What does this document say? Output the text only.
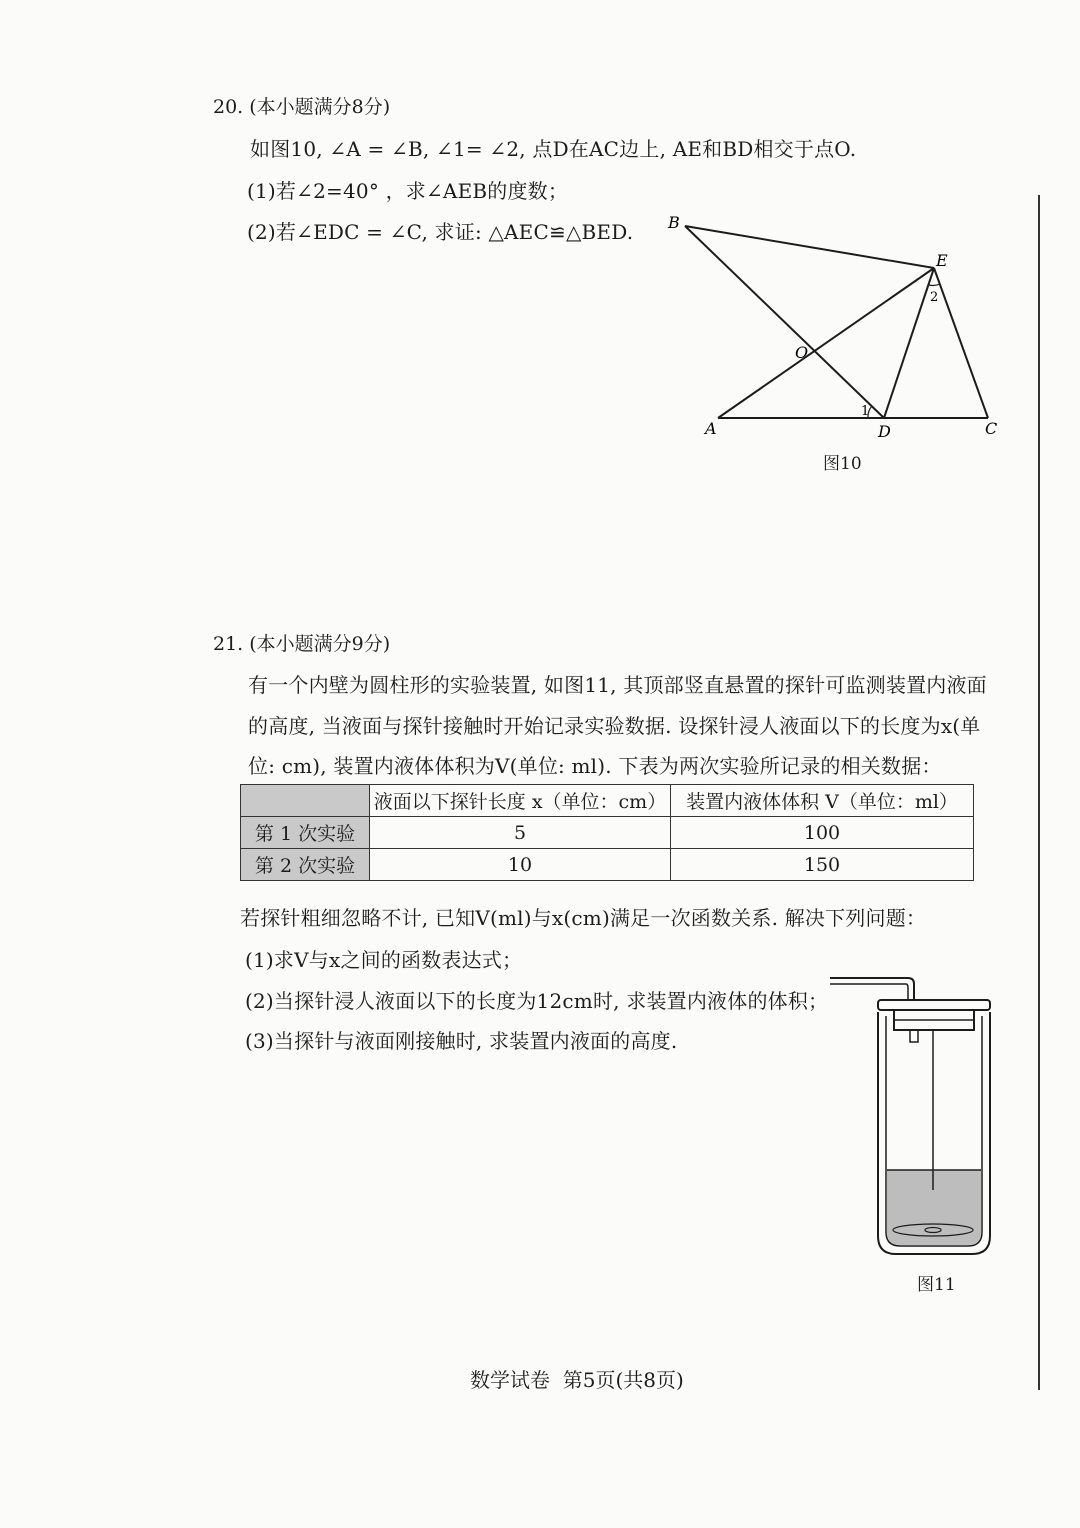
20. (本小题满分8分)
如图10, ∠A = ∠B, ∠1= ∠2, 点D在AC边上, AE和BD相交于点O.
(1)若∠2=40° ，求∠AEB的度数；
(2)若∠EDC = ∠C, 求证: △AEC≌△BED. B
E
O
A	D	C
1
2
图10
21. (本小题满分9分)
有一个内壁为圆柱形的实验装置, 如图11, 其顶部竖直悬置的探针可监测装置内液面
的高度, 当液面与探针接触时开始记录实验数据. 设探针浸人液面以下的长度为x(单
位: cm), 装置内液体体积为V(单位: ml). 下表为两次实验所记录的相关数据：
	液面以下探针长度 x（单位：cm）	装置内液体体积 V（单位：ml）
第 1 次实验	5	100
第 2 次实验	10	150
若探针粗细忽略不计, 已知V(ml)与x(cm)满足一次函数关系. 解决下列问题：
(1)求V与x之间的函数表达式；
(2)当探针浸人液面以下的长度为12cm时, 求装置内液体的体积；
(3)当探针与液面刚接触时, 求装置内液面的高度.
图11
数学试卷  第5页(共8页)
